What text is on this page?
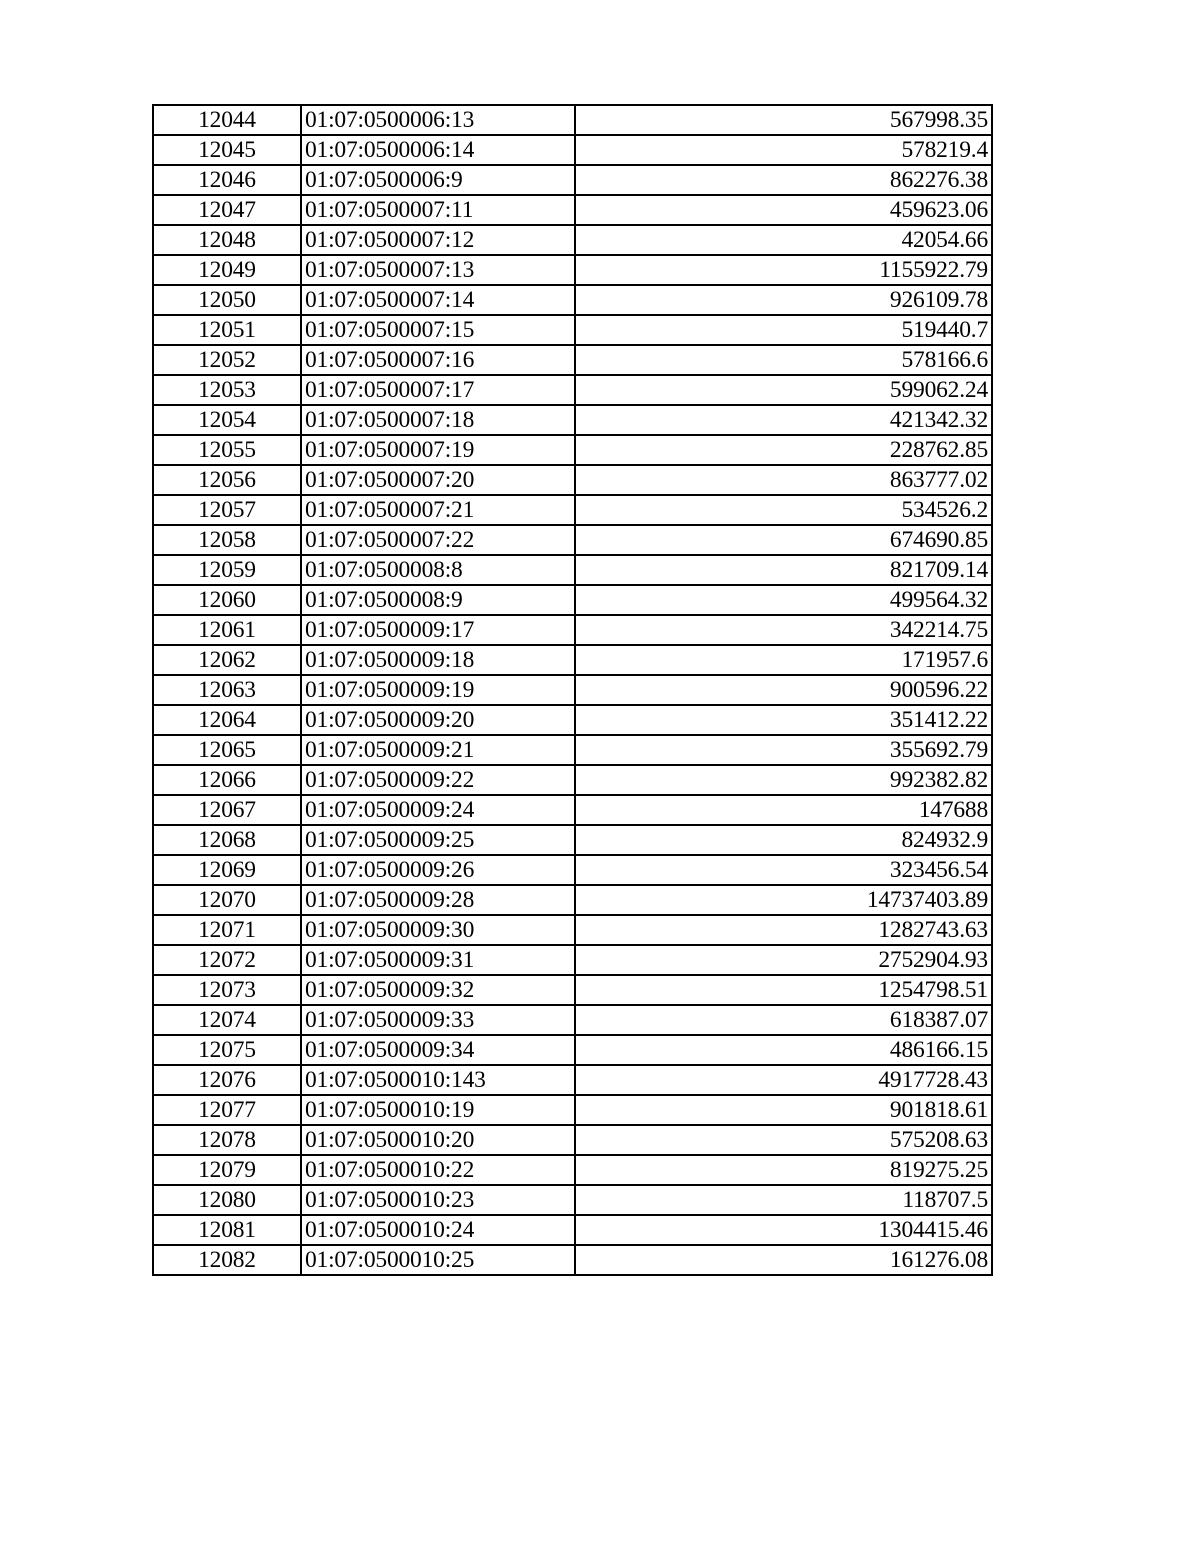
12044	01:07:0500006:13	567998.35
12045	01:07:0500006:14	578219.4
12046	01:07:0500006:9	862276.38
12047	01:07:0500007:11	459623.06
12048	01:07:0500007:12	42054.66
12049	01:07:0500007:13	1155922.79
12050	01:07:0500007:14	926109.78
12051	01:07:0500007:15	519440.7
12052	01:07:0500007:16	578166.6
12053	01:07:0500007:17	599062.24
12054	01:07:0500007:18	421342.32
12055	01:07:0500007:19	228762.85
12056	01:07:0500007:20	863777.02
12057	01:07:0500007:21	534526.2
12058	01:07:0500007:22	674690.85
12059	01:07:0500008:8	821709.14
12060	01:07:0500008:9	499564.32
12061	01:07:0500009:17	342214.75
12062	01:07:0500009:18	171957.6
12063	01:07:0500009:19	900596.22
12064	01:07:0500009:20	351412.22
12065	01:07:0500009:21	355692.79
12066	01:07:0500009:22	992382.82
12067	01:07:0500009:24	147688
12068	01:07:0500009:25	824932.9
12069	01:07:0500009:26	323456.54
12070	01:07:0500009:28	14737403.89
12071	01:07:0500009:30	1282743.63
12072	01:07:0500009:31	2752904.93
12073	01:07:0500009:32	1254798.51
12074	01:07:0500009:33	618387.07
12075	01:07:0500009:34	486166.15
12076	01:07:0500010:143	4917728.43
12077	01:07:0500010:19	901818.61
12078	01:07:0500010:20	575208.63
12079	01:07:0500010:22	819275.25
12080	01:07:0500010:23	118707.5
12081	01:07:0500010:24	1304415.46
12082	01:07:0500010:25	161276.08
